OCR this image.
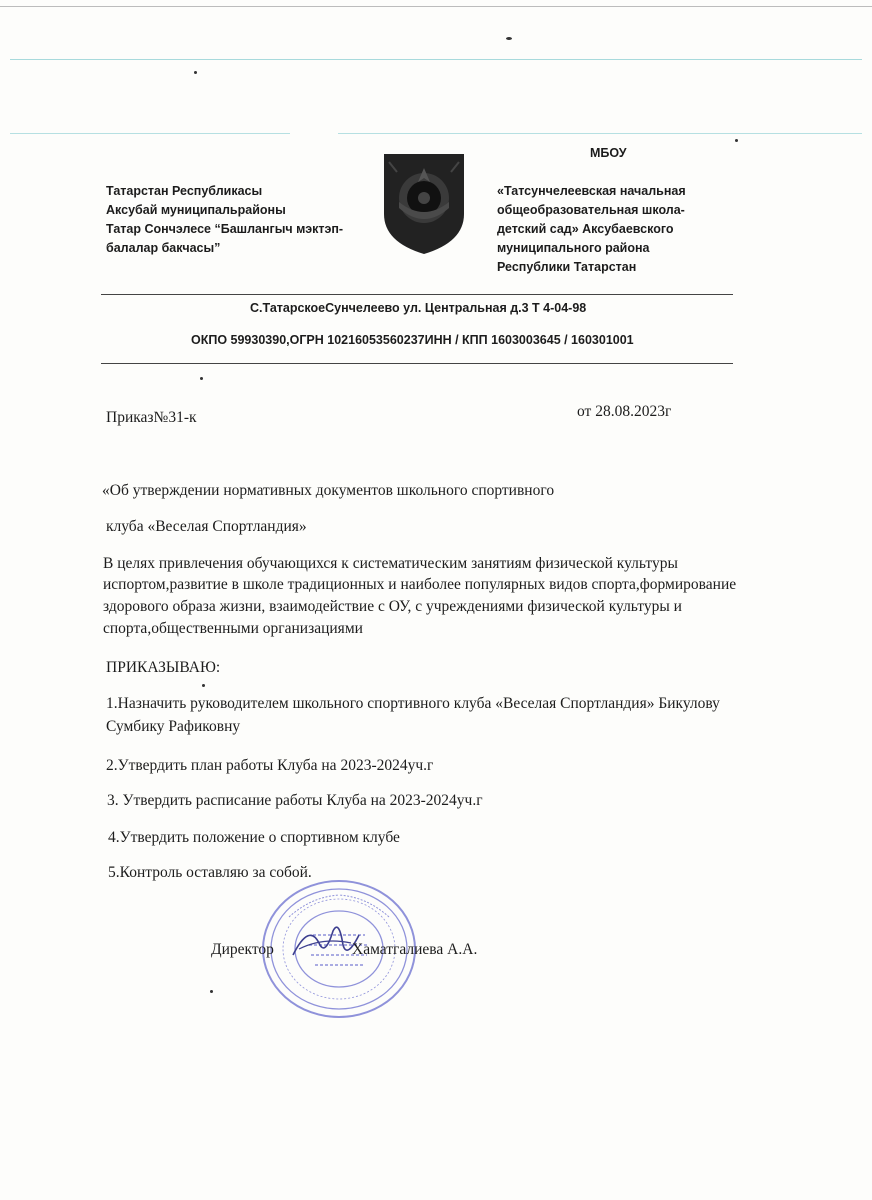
Татарстан Республикасы
Аксубай муниципальрайоны
Татар Сончэлесе “Башлангыч мэктэп-
балалар бакчасы”
МБОУ
«Татсунчелеевская начальная
общеобразовательная школа-
детский сад» Аксубаевского
муниципального района
Республики Татарстан
С.ТатарскоеСунчелеево ул. Центральная д.3 Т 4-04-98
ОКПО 59930390,ОГРН 10216053560237ИНН / КПП 1603003645 / 160301001
Приказ№31-к	от 28.08.2023г
«Об утверждении нормативных документов школьного спортивного
клуба «Веселая Спортландия»
В целях привлечения обучающихся к систематическим занятиям физической культуры
испортом,развитие в школе традиционных и наиболее популярных видов спорта,формирование
здорового образа жизни, взаимодействие с ОУ, с учреждениями физической культуры и
спорта,общественными организациями
ПРИКАЗЫВАЮ:
1.Назначить руководителем школьного спортивного клуба «Веселая Спортландия» Бикулову
Сумбику Рафиковну
2.Утвердить план работы Клуба на 2023-2024уч.г
3. Утвердить расписание работы Клуба на 2023-2024уч.г
4.Утвердить положение о спортивном клубе
5.Контроль оставляю за собой.
Директор	Хаматгалиева А.А.
